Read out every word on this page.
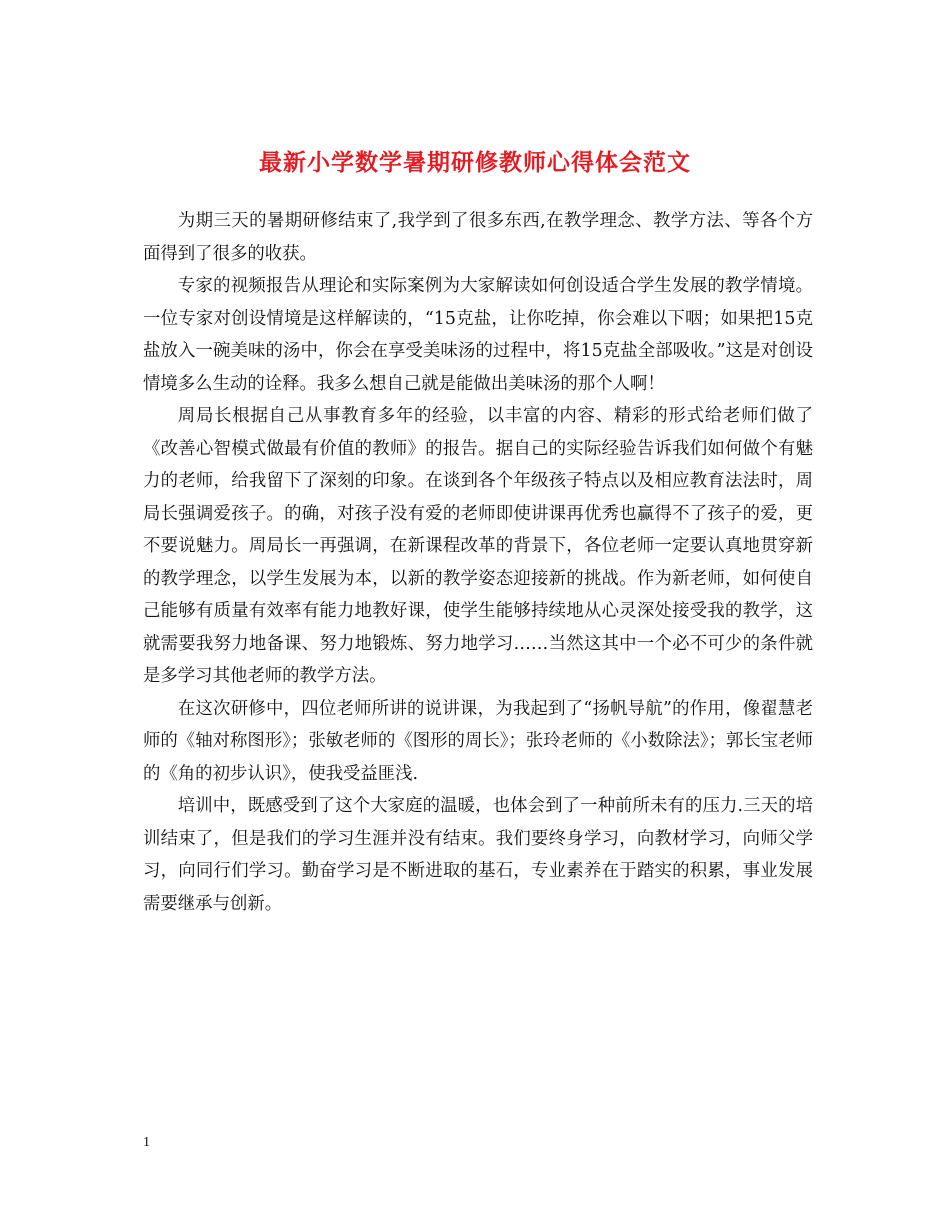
最新小学数学暑期研修教师心得体会范文

为期三天的暑期研修结束了,我学到了很多东西,在教学理念、教学方法、等各个方面得到了很多的收获。

专家的视频报告从理论和实际案例为大家解读如何创设适合学生发展的教学情境。一位专家对创设情境是这样解读的，“15克盐，让你吃掉，你会难以下咽；如果把15克盐放入一碗美味的汤中，你会在享受美味汤的过程中，将15克盐全部吸收。”这是对创设情境多么生动的诠释。我多么想自己就是能做出美味汤的那个人啊！

周局长根据自己从事教育多年的经验，以丰富的内容、精彩的形式给老师们做了《改善心智模式做最有价值的教师》的报告。据自己的实际经验告诉我们如何做个有魅力的老师，给我留下了深刻的印象。在谈到各个年级孩子特点以及相应教育法法时，周局长强调爱孩子。的确，对孩子没有爱的老师即使讲课再优秀也赢得不了孩子的爱，更不要说魅力。周局长一再强调，在新课程改革的背景下，各位老师一定要认真地贯穿新的教学理念，以学生发展为本，以新的教学姿态迎接新的挑战。作为新老师，如何使自己能够有质量有效率有能力地教好课，使学生能够持续地从心灵深处接受我的教学，这就需要我努力地备课、努力地锻炼、努力地学习……当然这其中一个必不可少的条件就是多学习其他老师的教学方法。

在这次研修中，四位老师所讲的说讲课，为我起到了“扬帆导航”的作用，像翟慧老师的《轴对称图形》；张敏老师的《图形的周长》；张玲老师的《小数除法》；郭长宝老师的《角的初步认识》，使我受益匪浅.

培训中，既感受到了这个大家庭的温暖，也体会到了一种前所未有的压力.三天的培训结束了，但是我们的学习生涯并没有结束。我们要终身学习，向教材学习，向师父学习，向同行们学习。勤奋学习是不断进取的基石，专业素养在于踏实的积累，事业发展需要继承与创新。

1
